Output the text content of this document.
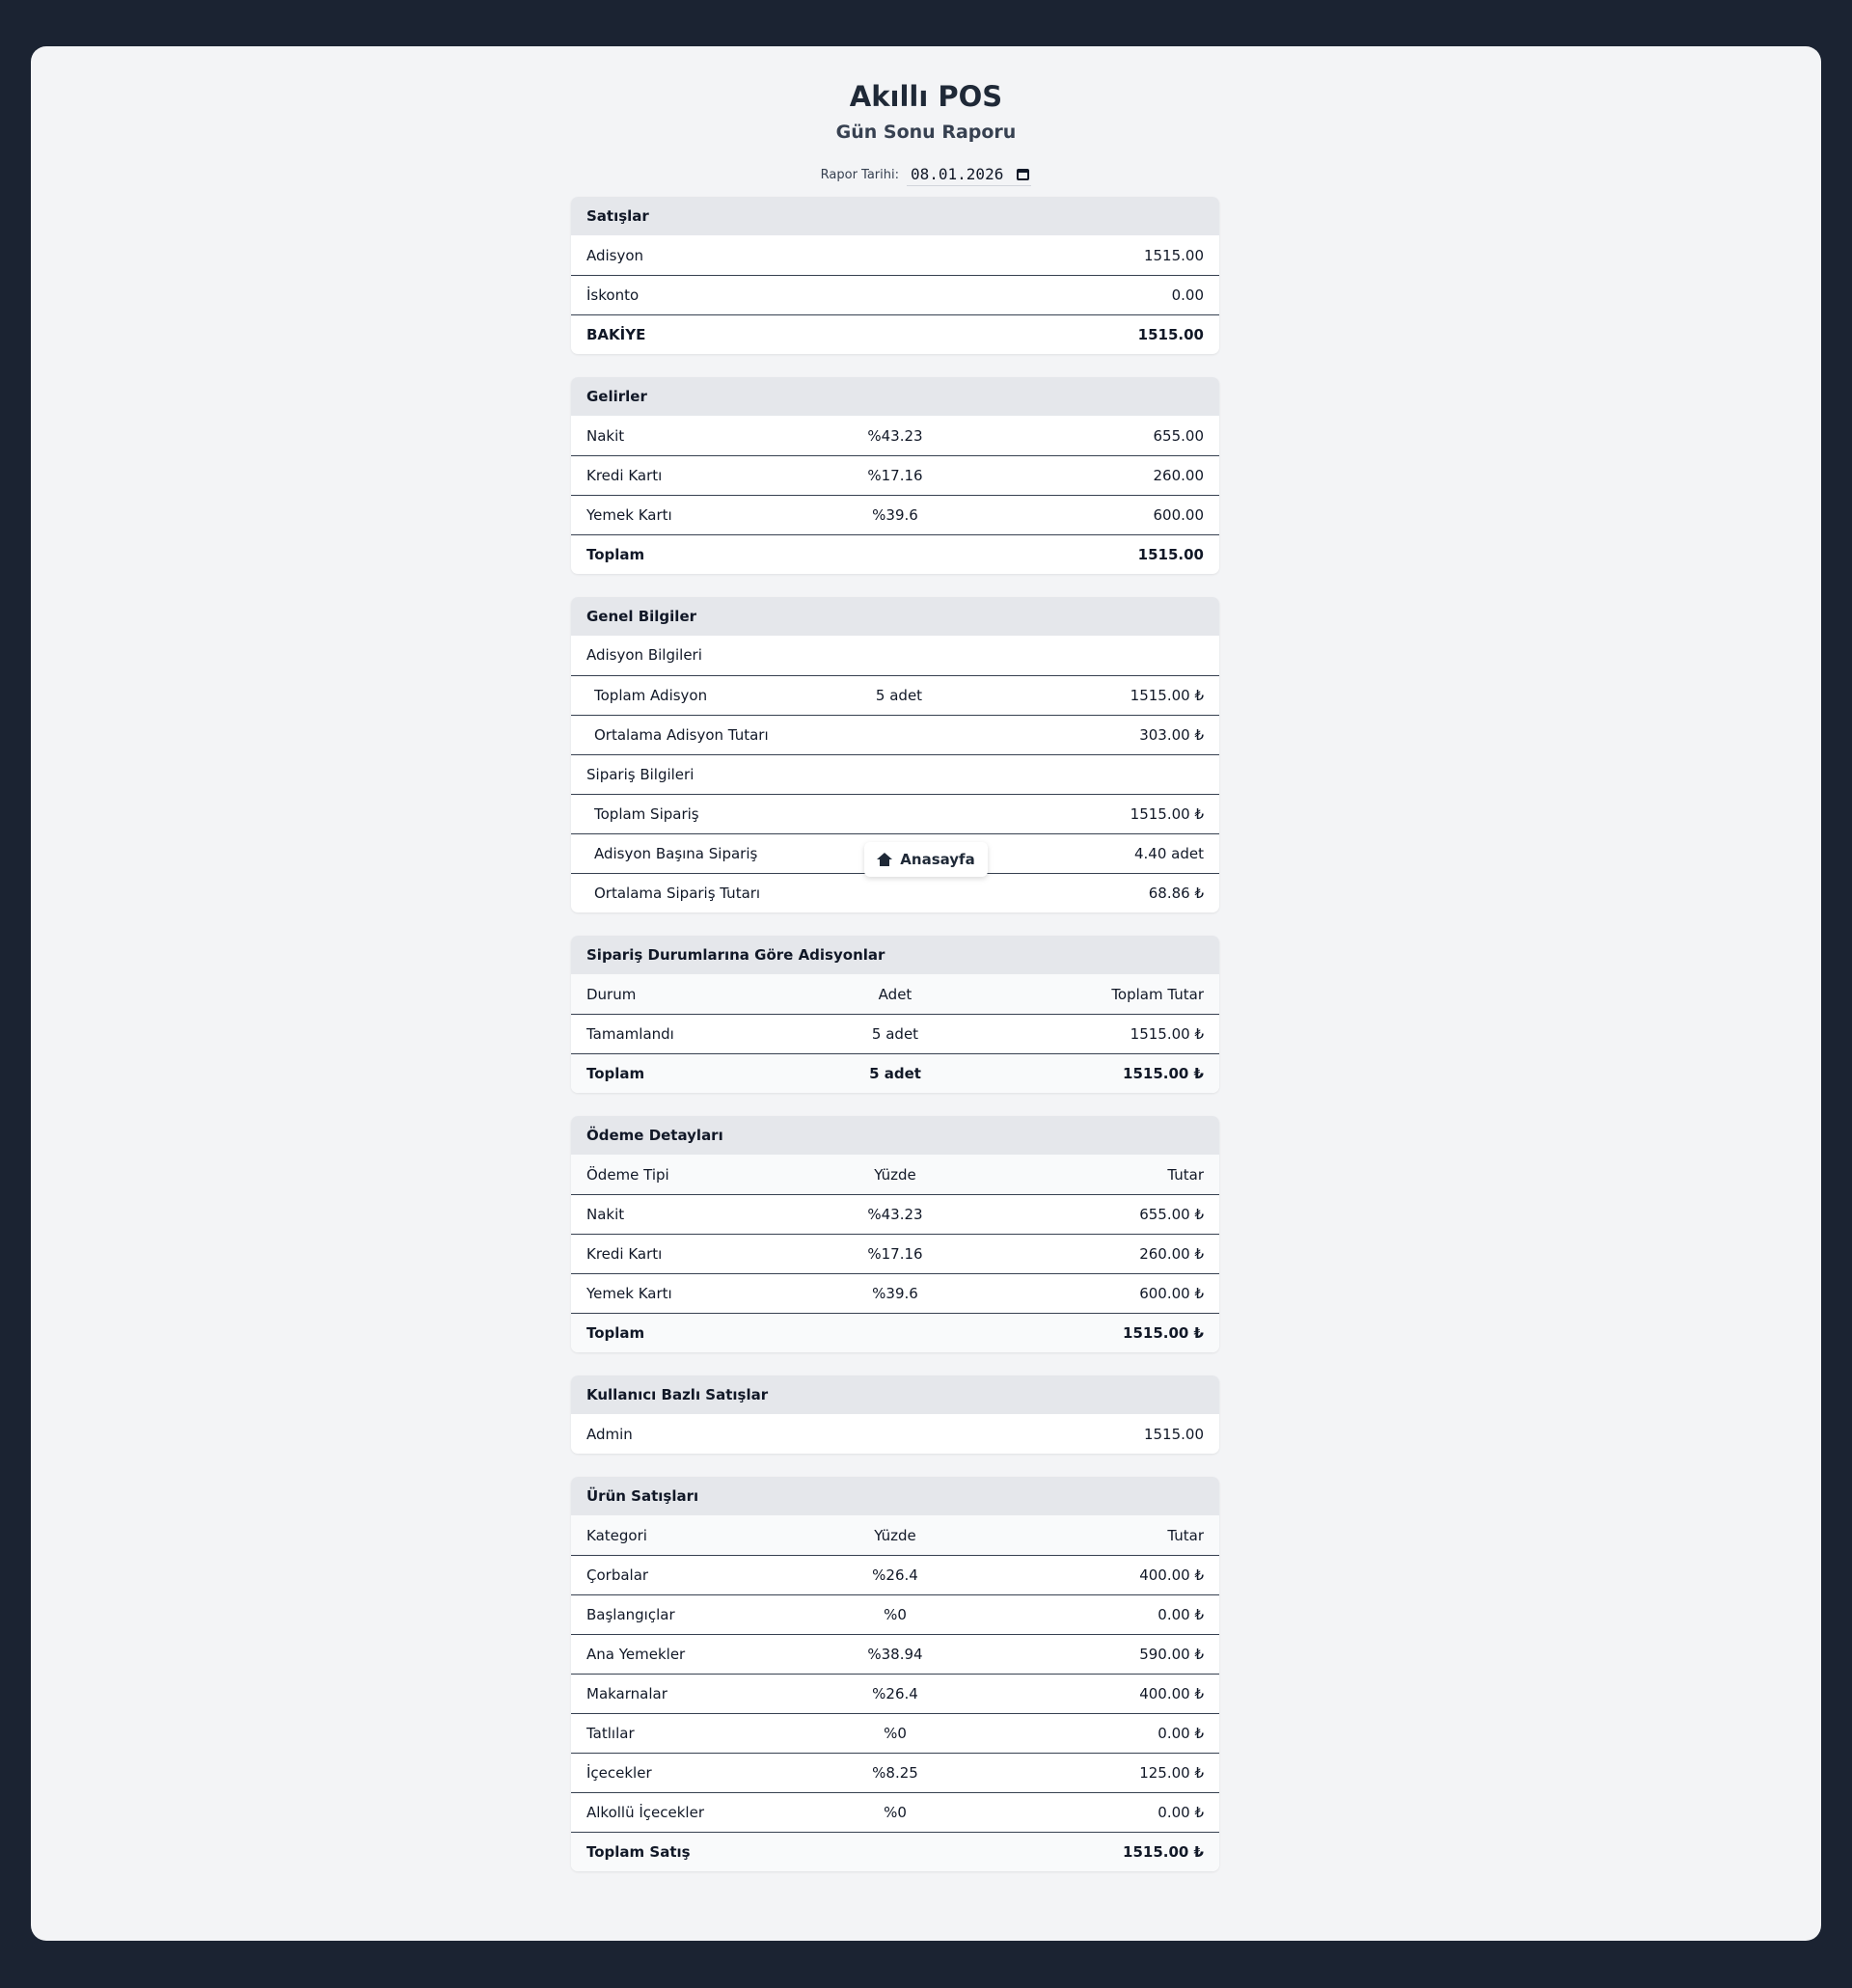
Akıllı POS
Gün Sonu Raporu
Rapor Tarihi: 08.01.2026
Satışlar
Adisyon	1515.00
İskonto	0.00
BAKİYE	1515.00
Gelirler
Nakit	%43.23	655.00
Kredi Kartı	%17.16	260.00
Yemek Kartı	%39.6	600.00
Toplam	1515.00
Genel Bilgiler
Adisyon Bilgileri
Toplam Adisyon	5 adet	1515.00 ₺
Ortalama Adisyon Tutarı	303.00 ₺
Sipariş Bilgileri
Toplam Sipariş	1515.00 ₺
Adisyon Başına Sipariş	4.40 adet
Ortalama Sipariş Tutarı	68.86 ₺
Sipariş Durumlarına Göre Adisyonlar
Durum	Adet	Toplam Tutar
Tamamlandı	5 adet	1515.00 ₺
Toplam	5 adet	1515.00 ₺
Ödeme Detayları
Ödeme Tipi	Yüzde	Tutar
Nakit	%43.23	655.00 ₺
Kredi Kartı	%17.16	260.00 ₺
Yemek Kartı	%39.6	600.00 ₺
Toplam	1515.00 ₺
Kullanıcı Bazlı Satışlar
Admin	1515.00
Ürün Satışları
Kategori	Yüzde	Tutar
Çorbalar	%26.4	400.00 ₺
Başlangıçlar	%0	0.00 ₺
Ana Yemekler	%38.94	590.00 ₺
Makarnalar	%26.4	400.00 ₺
Tatlılar	%0	0.00 ₺
İçecekler	%8.25	125.00 ₺
Alkollü İçecekler	%0	0.00 ₺
Toplam Satış	1515.00 ₺
Anasayfa
